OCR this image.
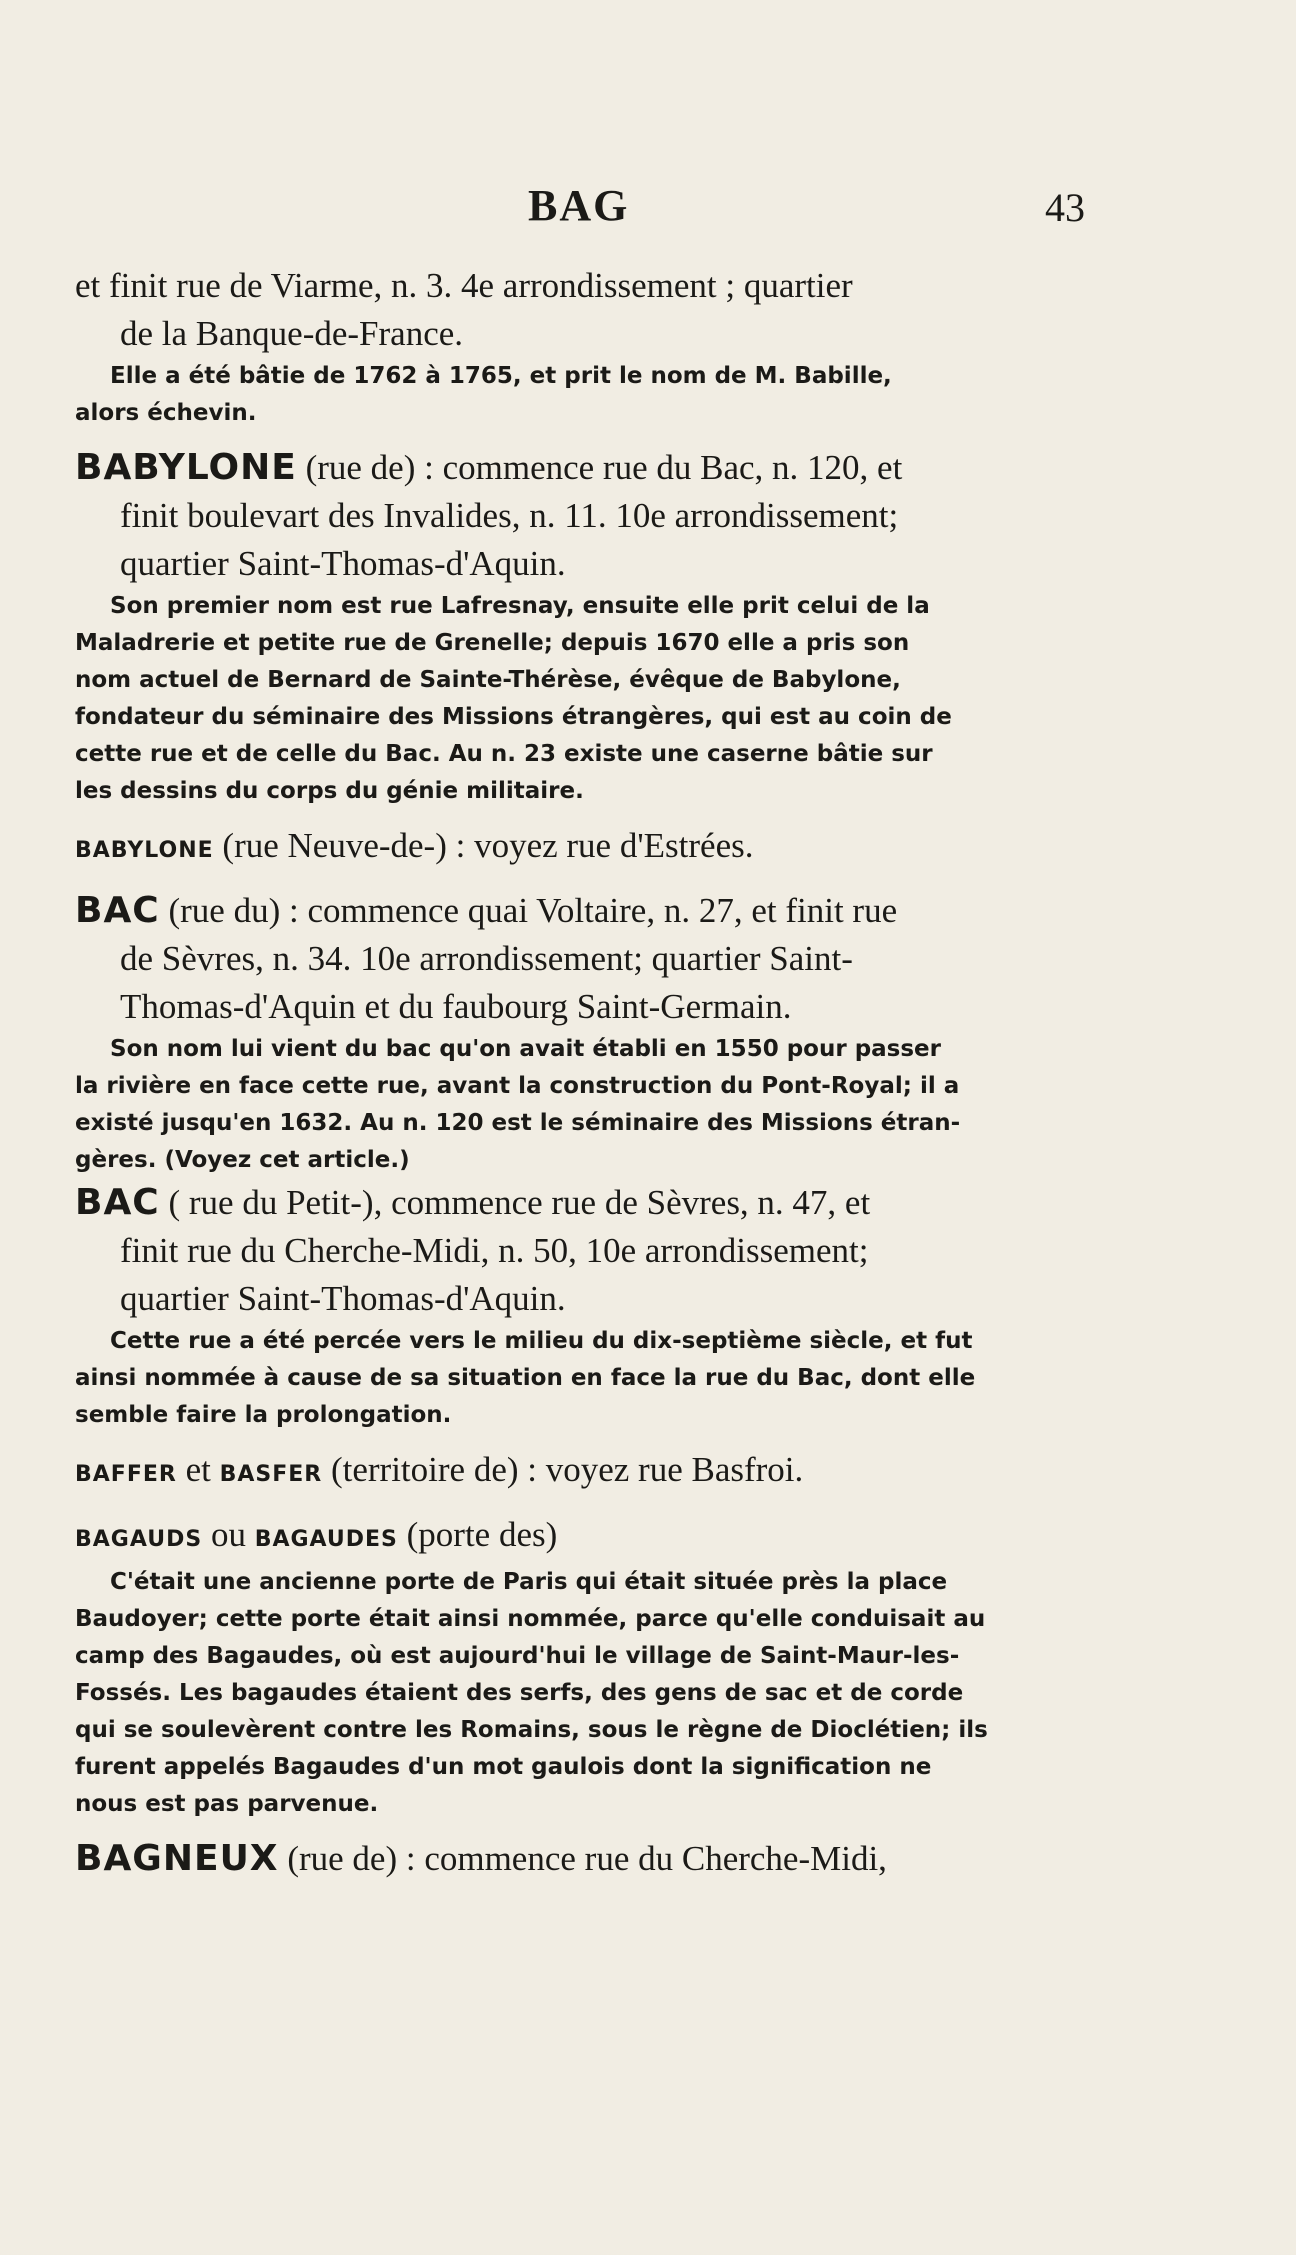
BAG	43
et finit rue de Viarme, n. 3. 4e arrondissement ; quartier
de la Banque-de-France.
Elle a été bâtie de 1762 à 1765, et prit le nom de M. Babille,
alors échevin.
BABYLONE (rue de) : commence rue du Bac, n. 120, et
finit boulevart des Invalides, n. 11. 10e arrondissement;
quartier Saint-Thomas-d'Aquin.
Son premier nom est rue Lafresnay, ensuite elle prit celui de la
Maladrerie et petite rue de Grenelle; depuis 1670 elle a pris son
nom actuel de Bernard de Sainte-Thérèse, évêque de Babylone,
fondateur du séminaire des Missions étrangères, qui est au coin de
cette rue et de celle du Bac. Au n. 23 existe une caserne bâtie sur
les dessins du corps du génie militaire.
BABYLONE (rue Neuve-de-) : voyez rue d'Estrées.
BAC (rue du) : commence quai Voltaire, n. 27, et finit rue
de Sèvres, n. 34. 10e arrondissement; quartier Saint-
Thomas-d'Aquin et du faubourg Saint-Germain.
Son nom lui vient du bac qu'on avait établi en 1550 pour passer
la rivière en face cette rue, avant la construction du Pont-Royal; il a
existé jusqu'en 1632. Au n. 120 est le séminaire des Missions étran-
gères. (Voyez cet article.)
BAC ( rue du Petit-), commence rue de Sèvres, n. 47, et
finit rue du Cherche-Midi, n. 50, 10e arrondissement;
quartier Saint-Thomas-d'Aquin.
Cette rue a été percée vers le milieu du dix-septième siècle, et fut
ainsi nommée à cause de sa situation en face la rue du Bac, dont elle
semble faire la prolongation.
BAFFER et BASFER (territoire de) : voyez rue Basfroi.
BAGAUDS ou BAGAUDES (porte des)
C'était une ancienne porte de Paris qui était située près la place
Baudoyer; cette porte était ainsi nommée, parce qu'elle conduisait au
camp des Bagaudes, où est aujourd'hui le village de Saint-Maur-les-
Fossés. Les bagaudes étaient des serfs, des gens de sac et de corde
qui se soulevèrent contre les Romains, sous le règne de Dioclétien; ils
furent appelés Bagaudes d'un mot gaulois dont la signification ne
nous est pas parvenue.
BAGNEUX (rue de) : commence rue du Cherche-Midi,
